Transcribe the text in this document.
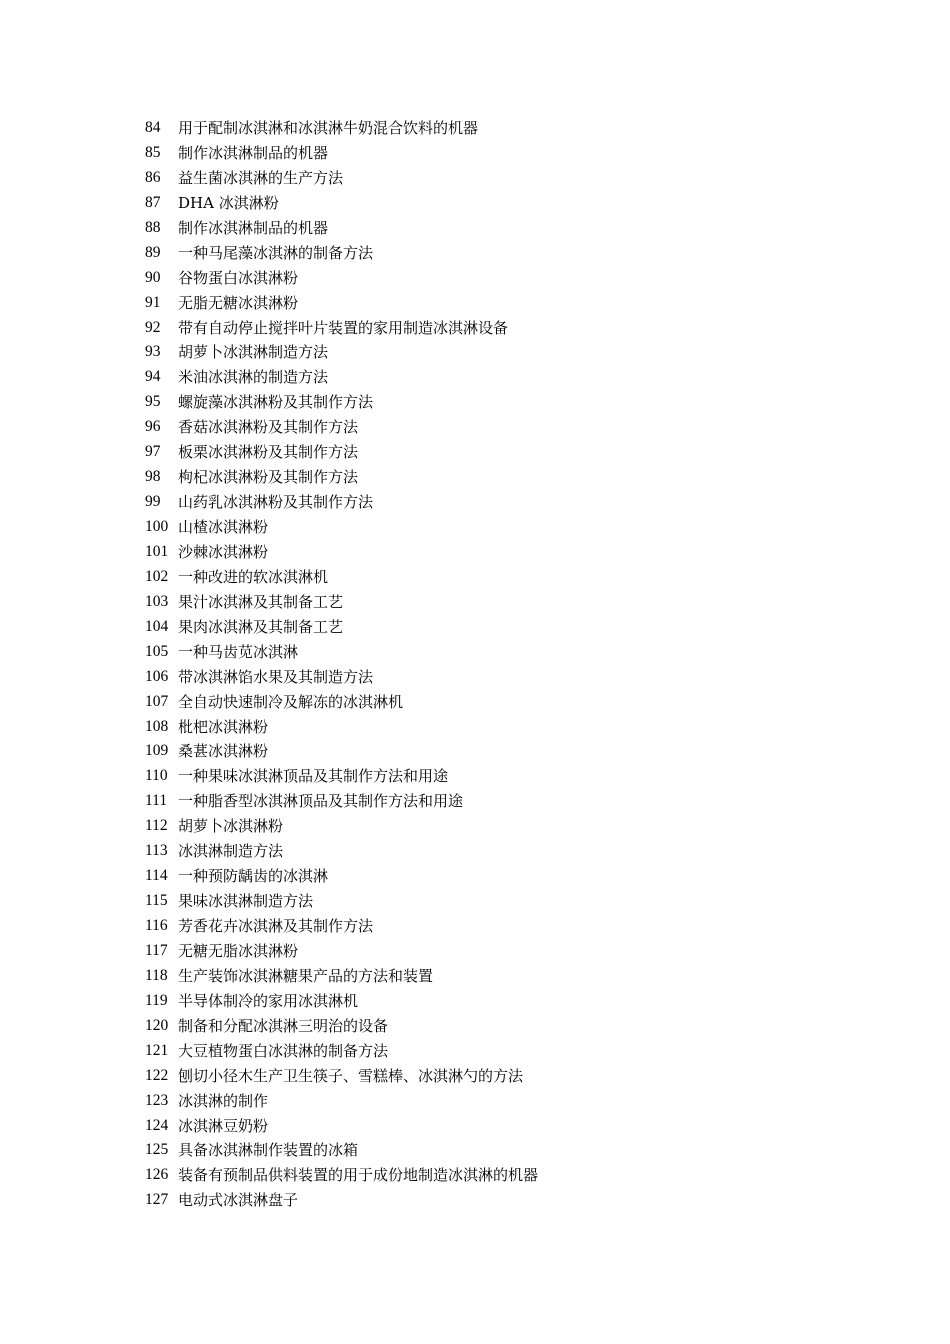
84	用于配制冰淇淋和冰淇淋牛奶混合饮料的机器
85	制作冰淇淋制品的机器
86	益生菌冰淇淋的生产方法
87	DHA 冰淇淋粉
88	制作冰淇淋制品的机器
89	一种马尾藻冰淇淋的制备方法
90	谷物蛋白冰淇淋粉
91	无脂无糖冰淇淋粉
92	带有自动停止搅拌叶片装置的家用制造冰淇淋设备
93	胡萝卜冰淇淋制造方法
94	米油冰淇淋的制造方法
95	螺旋藻冰淇淋粉及其制作方法
96	香菇冰淇淋粉及其制作方法
97	板栗冰淇淋粉及其制作方法
98	枸杞冰淇淋粉及其制作方法
99	山药乳冰淇淋粉及其制作方法
100 山楂冰淇淋粉
101 沙棘冰淇淋粉
102 一种改进的软冰淇淋机
103 果汁冰淇淋及其制备工艺
104 果肉冰淇淋及其制备工艺
105 一种马齿苋冰淇淋
106 带冰淇淋馅水果及其制造方法
107 全自动快速制冷及解冻的冰淇淋机
108 枇杷冰淇淋粉
109 桑葚冰淇淋粉
110 一种果味冰淇淋顶品及其制作方法和用途
111 一种脂香型冰淇淋顶品及其制作方法和用途
112 胡萝卜冰淇淋粉
113 冰淇淋制造方法
114 一种预防龋齿的冰淇淋
115 果味冰淇淋制造方法
116 芳香花卉冰淇淋及其制作方法
117 无糖无脂冰淇淋粉
118 生产装饰冰淇淋糖果产品的方法和装置
119 半导体制冷的家用冰淇淋机
120 制备和分配冰淇淋三明治的设备
121 大豆植物蛋白冰淇淋的制备方法
122 刨切小径木生产卫生筷子、雪糕棒、冰淇淋勺的方法
123 冰淇淋的制作
124 冰淇淋豆奶粉
125 具备冰淇淋制作装置的冰箱
126 装备有预制品供料装置的用于成份地制造冰淇淋的机器
127 电动式冰淇淋盘子
